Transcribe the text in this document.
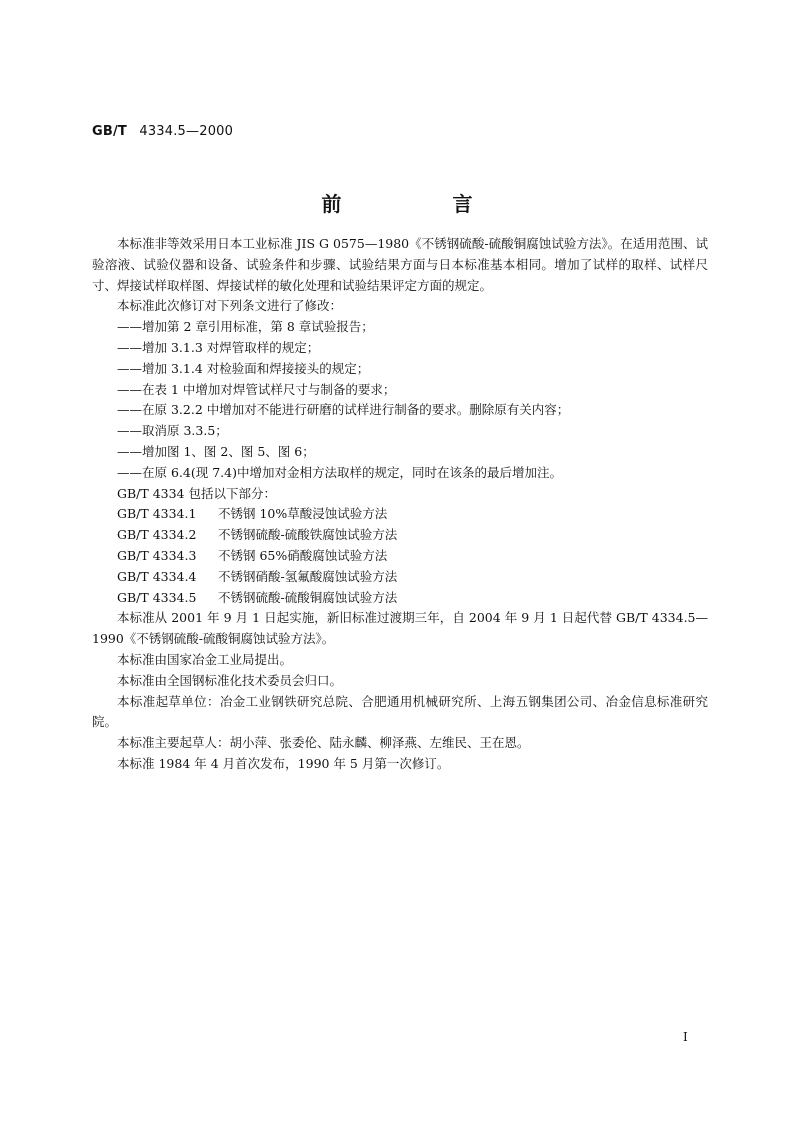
GB/T 4334.5—2000
前 言

本标准非等效采用日本工业标准 JIS G 0575—1980《不锈钢硫酸-硫酸铜腐蚀试验方法》。在适用范围、试验溶液、试验仪器和设备、试验条件和步骤、试验结果方面与日本标准基本相同。增加了试样的取样、试样尺寸、焊接试样取样图、焊接试样的敏化处理和试验结果评定方面的规定。

本标准此次修订对下列条文进行了修改：

——增加第 2 章引用标准，第 8 章试验报告；

——增加 3.1.3 对焊管取样的规定；

——增加 3.1.4 对检验面和焊接接头的规定；

——在表 1 中增加对焊管试样尺寸与制备的要求；

——在原 3.2.2 中增加对不能进行研磨的试样进行制备的要求。删除原有关内容；

——取消原 3.3.5；

——增加图 1、图 2、图 5、图 6；

——在原 6.4(现 7.4)中增加对金相方法取样的规定，同时在该条的最后增加注。

GB/T 4334 包括以下部分：

GB/T 4334.1 不锈钢 10%草酸浸蚀试验方法

GB/T 4334.2 不锈钢硫酸-硫酸铁腐蚀试验方法

GB/T 4334.3 不锈钢 65%硝酸腐蚀试验方法

GB/T 4334.4 不锈钢硝酸-氢氟酸腐蚀试验方法

GB/T 4334.5 不锈钢硫酸-硫酸铜腐蚀试验方法

本标准从 2001 年 9 月 1 日起实施，新旧标准过渡期三年，自 2004 年 9 月 1 日起代替 GB/T 4334.5—1990《不锈钢硫酸-硫酸铜腐蚀试验方法》。

本标准由国家冶金工业局提出。

本标准由全国钢标准化技术委员会归口。

本标准起草单位：冶金工业钢铁研究总院、合肥通用机械研究所、上海五钢集团公司、冶金信息标准研究院。

本标准主要起草人：胡小萍、张委伦、陆永麟、柳泽燕、左维民、王在恩。

本标准 1984 年 4 月首次发布，1990 年 5 月第一次修订。

I
